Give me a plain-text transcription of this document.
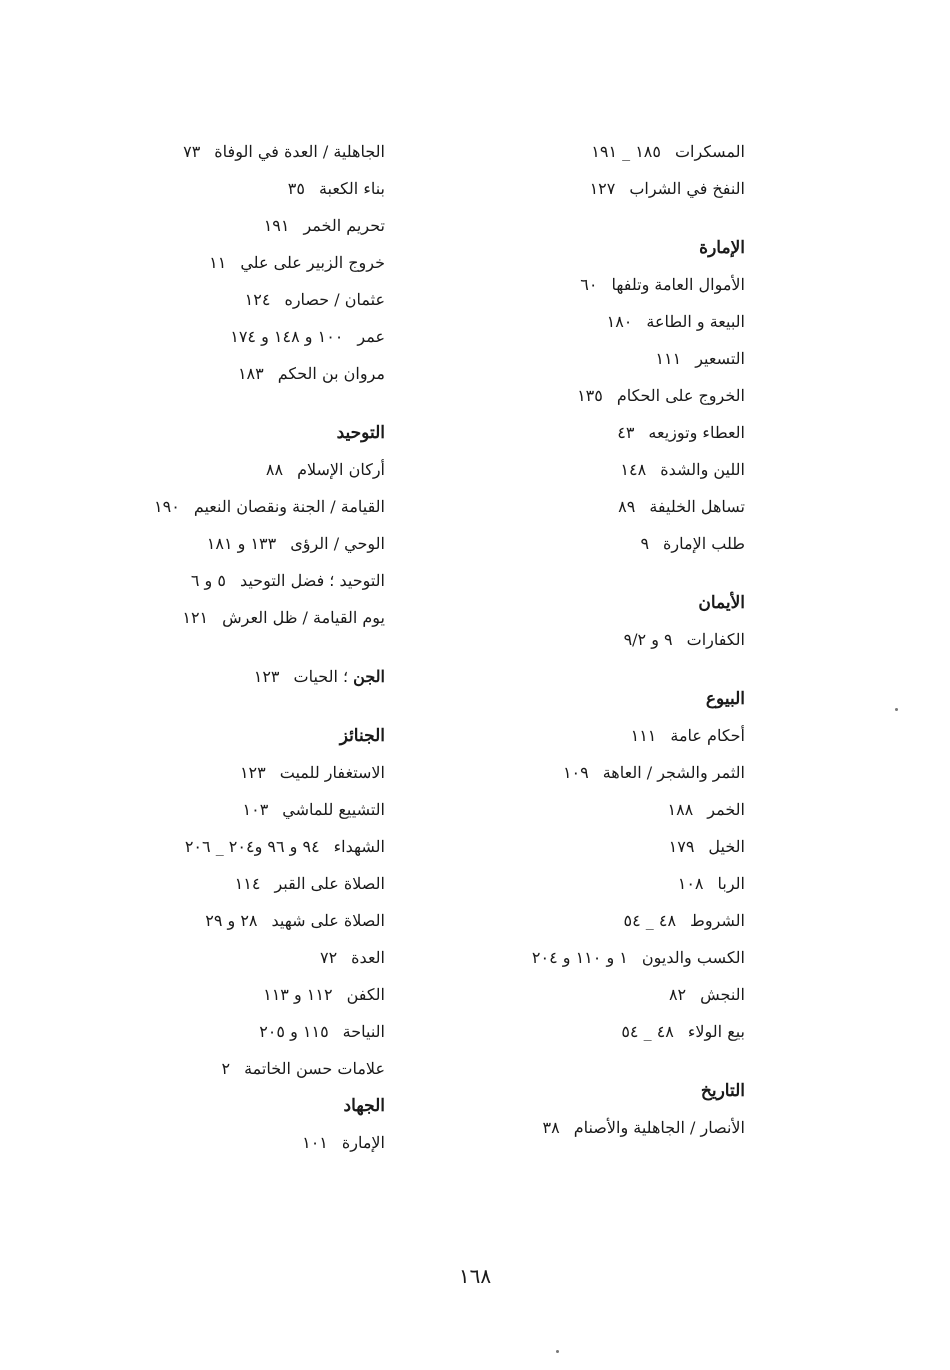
المسكرات١٨٥ _ ١٩١
النفخ في الشراب١٢٧
الإمارة
الأموال العامة وتلفها٦٠
البيعة و الطاعة١٨٠
التسعير١١١
الخروج على الحكام١٣٥
العطاء وتوزيعه٤٣
اللين والشدة١٤٨
تساهل الخليفة٨٩
طلب الإمارة٩
الأيمان
الكفارات٩ و ٩/٢
البيوع
أحكام عامة١١١
الثمر والشجر / العاهة١٠٩
الخمر١٨٨
الخيل١٧٩
الربا١٠٨
الشروط٤٨ _ ٥٤
الكسب والديون١ و ١١٠ و ٢٠٤
النجش٨٢
بيع الولاء٤٨ _ ٥٤
التاريخ
الأنصار / الجاهلية والأصنام٣٨
الجاهلية / العدة في الوفاة٧٣
بناء الكعبة٣٥
تحريم الخمر١٩١
خروج الزبير على علي١١
عثمان / حصاره١٢٤
عمر١٠٠ و ١٤٨ و ١٧٤
مروان بن الحكم١٨٣
التوحيد
أركان الإسلام٨٨
القيامة / الجنة ونقصان النعيم١٩٠
الوحي / الرؤى١٣٣ و ١٨١
التوحيد ؛ فضل التوحيد٥ و ٦
يوم القيامة / ظل العرش١٢١
الجن ؛ الحيات١٢٣
الجنائز
الاستغفار للميت١٢٣
التشييع للماشي١٠٣
الشهداء٩٤ و ٩٦ و٢٠٤ _ ٢٠٦
الصلاة على القبر١١٤
الصلاة على شهيد٢٨ و ٢٩
العدة٧٢
الكفن١١٢ و ١١٣
النياحة١١٥ و ٢٠٥
علامات حسن الخاتمة٢
الجهاد
الإمارة١٠١
١٦٨
